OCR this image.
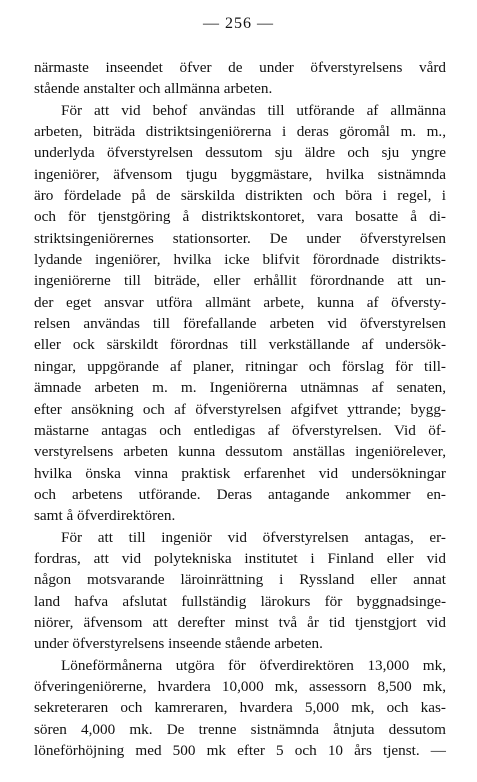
— 256 —
närmaste inseendet öfver de under öfverstyrelsens vård
stående anstalter och allmänna arbeten.
För att vid behof användas till utförande af allmänna
arbeten, biträda distriktsingeniörerna i deras göromål m. m.,
underlyda öfverstyrelsen dessutom sju äldre och sju yngre
ingeniörer, äfvensom tjugu byggmästare, hvilka sistnämnda
äro fördelade på de särskilda distrikten och böra i regel, i
och för tjenstgöring å distriktskontoret, vara bosatte å di-
striktsingeniörernes stationsorter. De under öfverstyrelsen
lydande ingeniörer, hvilka icke blifvit förordnade distrikts-
ingeniörerne till biträde, eller erhållit förordnande att un-
der eget ansvar utföra allmänt arbete, kunna af öfversty-
relsen användas till förefallande arbeten vid öfverstyrelsen
eller ock särskildt förordnas till verkställande af undersök-
ningar, uppgörande af planer, ritningar och förslag för till-
ämnade arbeten m. m. Ingeniörerna utnämnas af senaten,
efter ansökning och af öfverstyrelsen afgifvet yttrande; bygg-
mästarne antagas och entledigas af öfverstyrelsen. Vid öf-
verstyrelsens arbeten kunna dessutom anställas ingeniörelever,
hvilka önska vinna praktisk erfarenhet vid undersökningar
och arbetens utförande. Deras antagande ankommer en-
samt å öfverdirektören.
För att till ingeniör vid öfverstyrelsen antagas, er-
fordras, att vid polytekniska institutet i Finland eller vid
någon motsvarande läroinrättning i Ryssland eller annat
land hafva afslutat fullständig lärokurs för byggnadsinge-
niörer, äfvensom att derefter minst två år tid tjenstgjort vid
under öfverstyrelsens inseende stående arbeten.
Löneförmånerna utgöra för öfverdirektören 13,000 mk,
öfveringeniörerne, hvardera 10,000 mk, assessorn 8,500 mk,
sekreteraren och kamreraren, hvardera 5,000 mk, och kas-
sören 4,000 mk. De trenne sistnämnda åtnjuta dessutom
löneförhöjning med 500 mk efter 5 och 10 års tjenst. —
